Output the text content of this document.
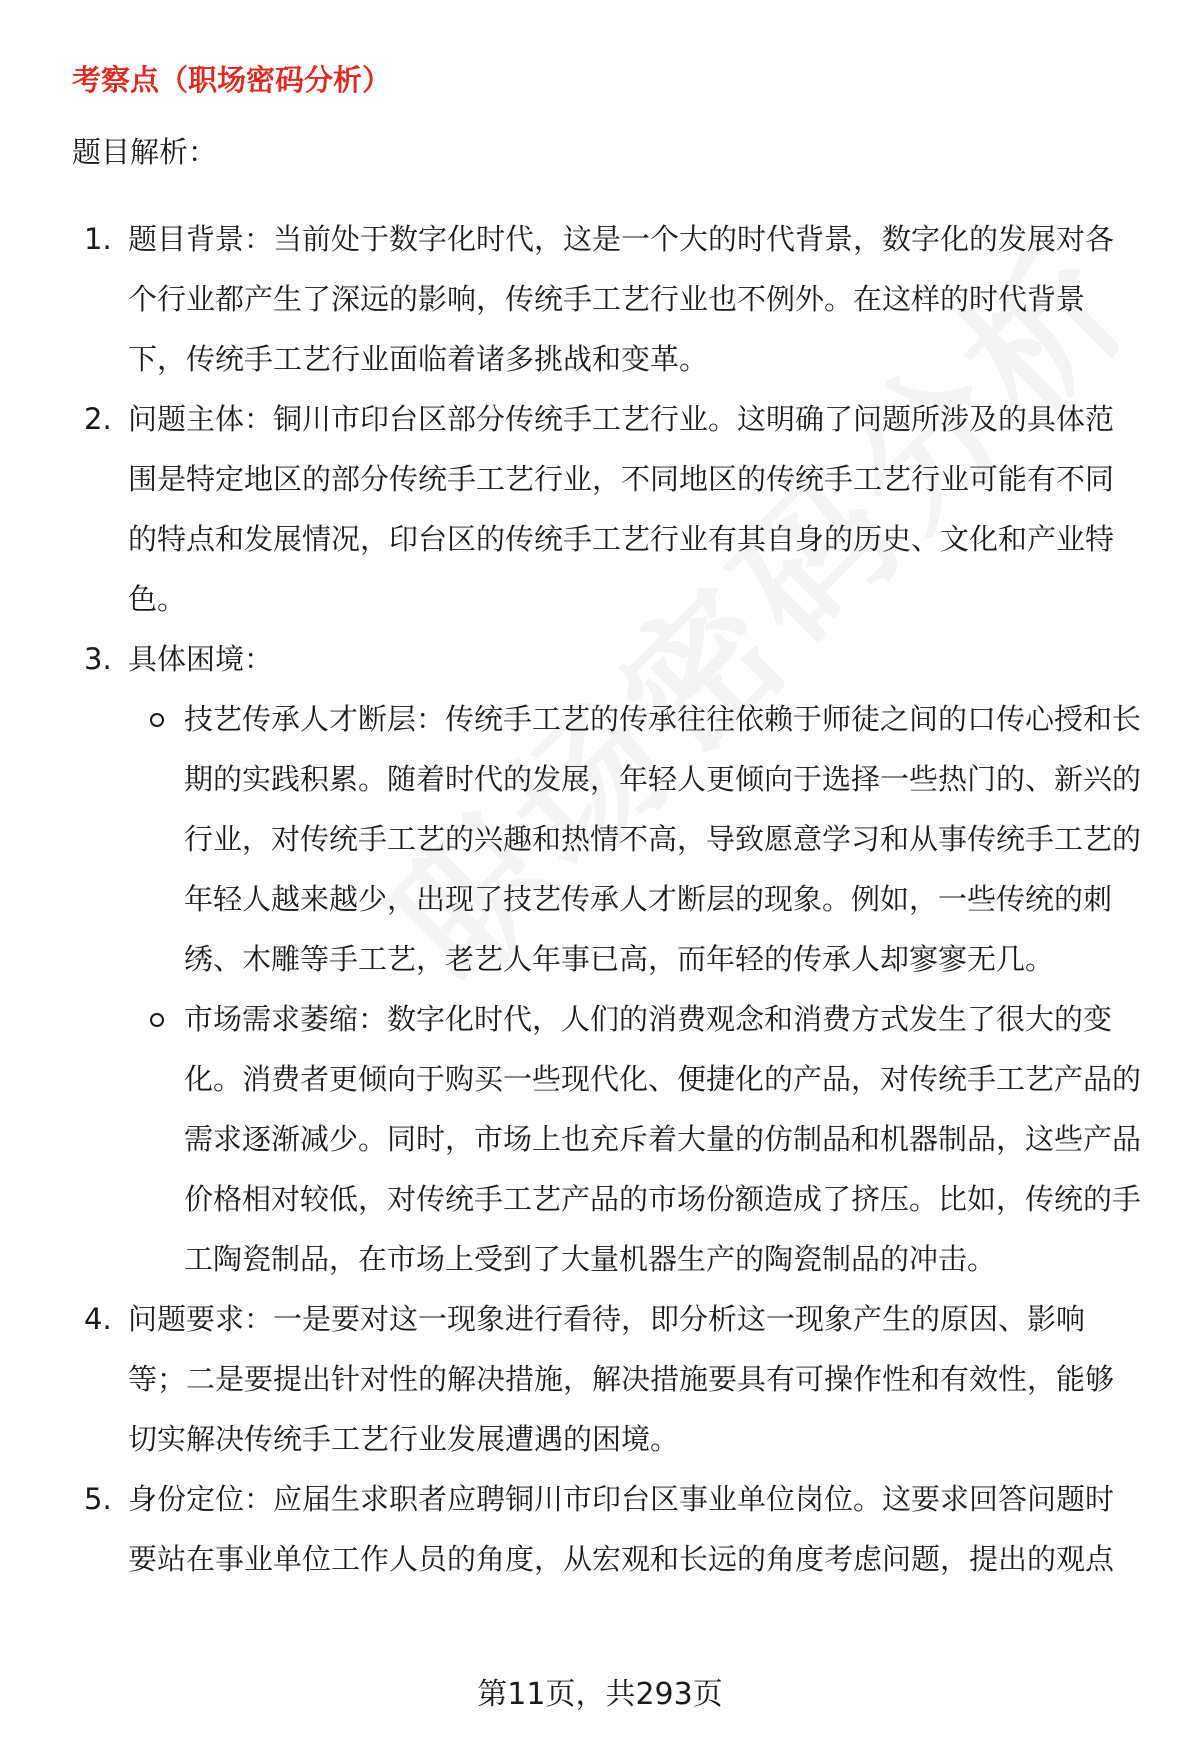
考察点（职场密码分析）
题目解析：
1. 题目背景：当前处于数字化时代，这是一个大的时代背景，数字化的发展对各个行业都产生了深远的影响，传统手工艺行业也不例外。在这样的时代背景下，传统手工艺行业面临着诸多挑战和变革。
2. 问题主体：铜川市印台区部分传统手工艺行业。这明确了问题所涉及的具体范围是特定地区的部分传统手工艺行业，不同地区的传统手工艺行业可能有不同的特点和发展情况，印台区的传统手工艺行业有其自身的历史、文化和产业特色。
3. 具体困境：
技艺传承人才断层：传统手工艺的传承往往依赖于师徒之间的口传心授和长期的实践积累。随着时代的发展，年轻人更倾向于选择一些热门的、新兴的行业，对传统手工艺的兴趣和热情不高，导致愿意学习和从事传统手工艺的年轻人越来越少，出现了技艺传承人才断层的现象。例如，一些传统的刺绣、木雕等手工艺，老艺人年事已高，而年轻的传承人却寥寥无几。
市场需求萎缩：数字化时代，人们的消费观念和消费方式发生了很大的变化。消费者更倾向于购买一些现代化、便捷化的产品，对传统手工艺产品的需求逐渐减少。同时，市场上也充斥着大量的仿制品和机器制品，这些产品价格相对较低，对传统手工艺产品的市场份额造成了挤压。比如，传统的手工陶瓷制品，在市场上受到了大量机器生产的陶瓷制品的冲击。
4. 问题要求：一是要对这一现象进行看待，即分析这一现象产生的原因、影响等；二是要提出针对性的解决措施，解决措施要具有可操作性和有效性，能够切实解决传统手工艺行业发展遭遇的困境。
5. 身份定位：应届生求职者应聘铜川市印台区事业单位岗位。这要求回答问题时要站在事业单位工作人员的角度，从宏观和长远的角度考虑问题，提出的观点
第11页，共293页
